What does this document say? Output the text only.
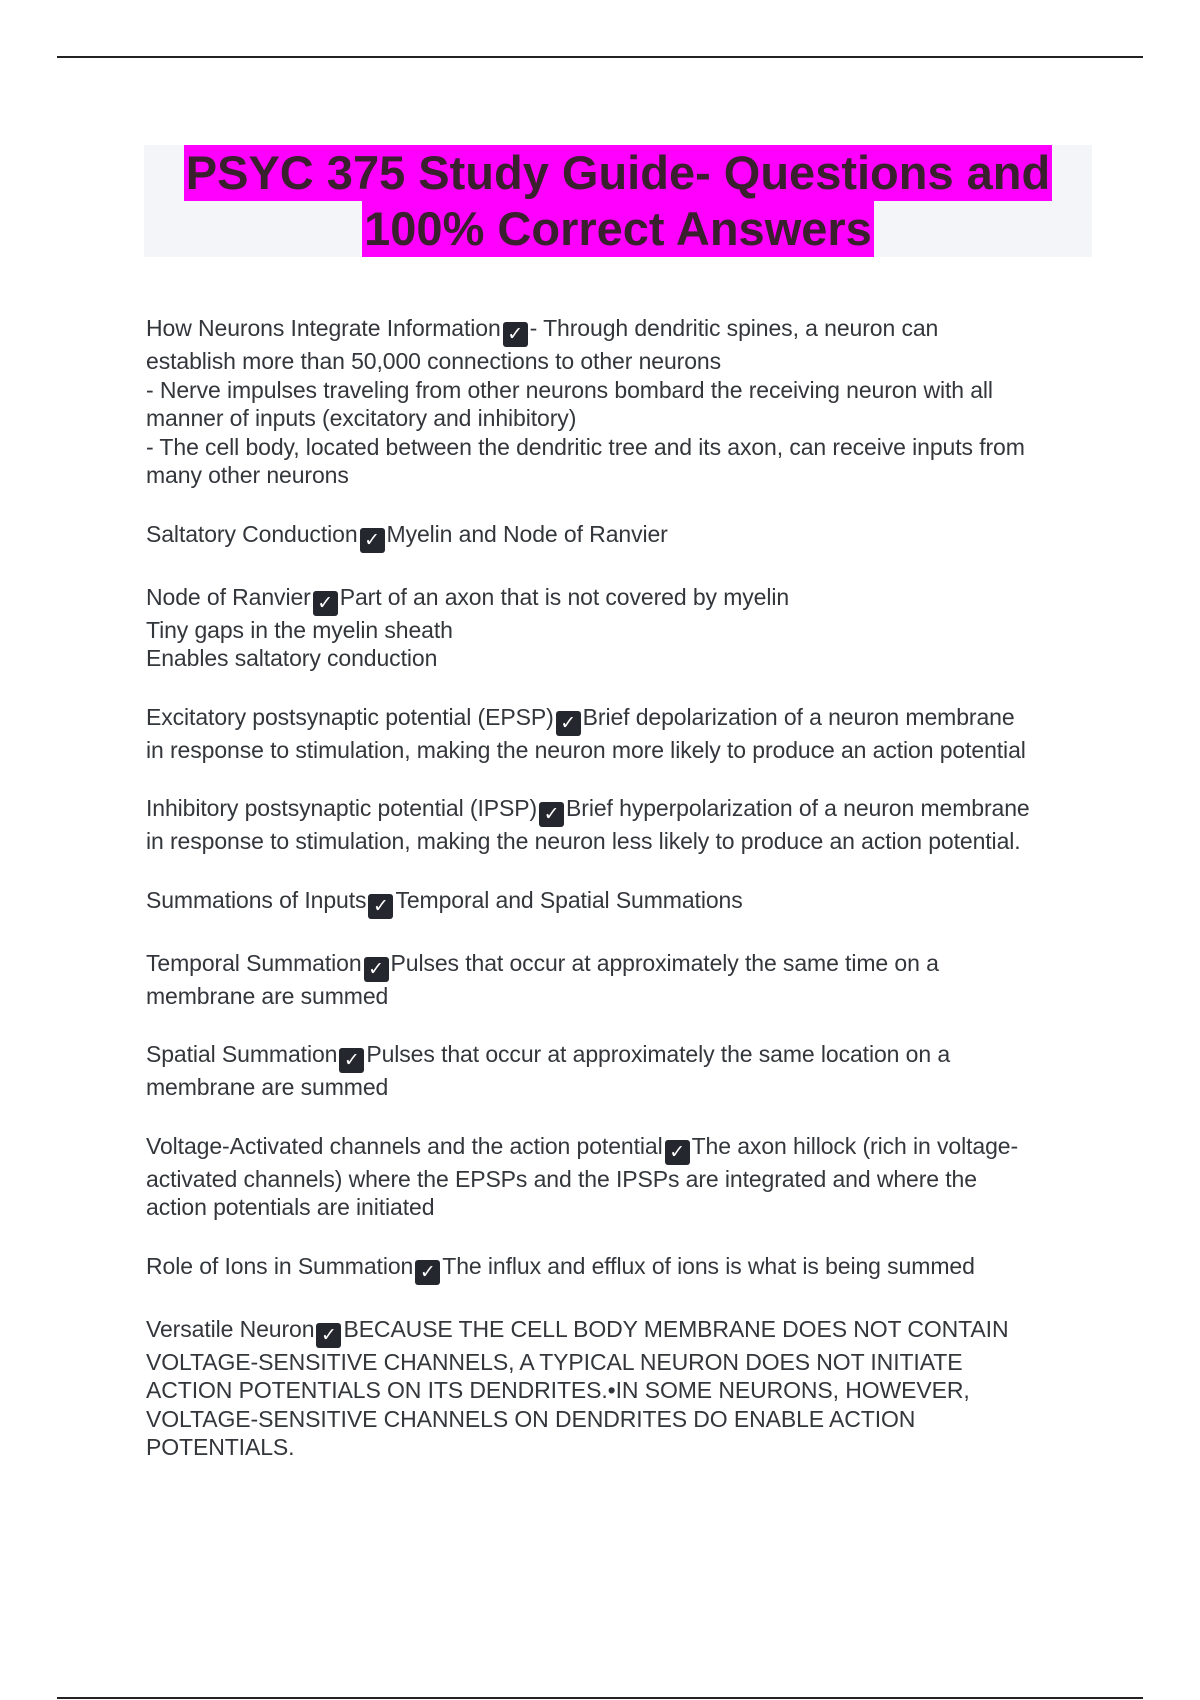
PSYC 375 Study Guide- Questions and
100% Correct Answers
How Neurons Integrate Information ✓ - Through dendritic spines, a neuron can
establish more than 50,000 connections to other neurons
- Nerve impulses traveling from other neurons bombard the receiving neuron with all
manner of inputs (excitatory and inhibitory)
- The cell body, located between the dendritic tree and its axon, can receive inputs from
many other neurons
Saltatory Conduction ✓ Myelin and Node of Ranvier
Node of Ranvier ✓ Part of an axon that is not covered by myelin
Tiny gaps in the myelin sheath
Enables saltatory conduction
Excitatory postsynaptic potential (EPSP) ✓ Brief depolarization of a neuron membrane
in response to stimulation, making the neuron more likely to produce an action potential
Inhibitory postsynaptic potential (IPSP) ✓ Brief hyperpolarization of a neuron membrane
in response to stimulation, making the neuron less likely to produce an action potential.
Summations of Inputs ✓ Temporal and Spatial Summations
Temporal Summation ✓ Pulses that occur at approximately the same time on a
membrane are summed
Spatial Summation ✓ Pulses that occur at approximately the same location on a
membrane are summed
Voltage-Activated channels and the action potential ✓ The axon hillock (rich in voltage-
activated channels) where the EPSPs and the IPSPs are integrated and where the
action potentials are initiated
Role of Ions in Summation ✓ The influx and efflux of ions is what is being summed
Versatile Neuron ✓ BECAUSE THE CELL BODY MEMBRANE DOES NOT CONTAIN
VOLTAGE-SENSITIVE CHANNELS, A TYPICAL NEURON DOES NOT INITIATE
ACTION POTENTIALS ON ITS DENDRITES.•IN SOME NEURONS, HOWEVER,
VOLTAGE-SENSITIVE CHANNELS ON DENDRITES DO ENABLE ACTION
POTENTIALS.
